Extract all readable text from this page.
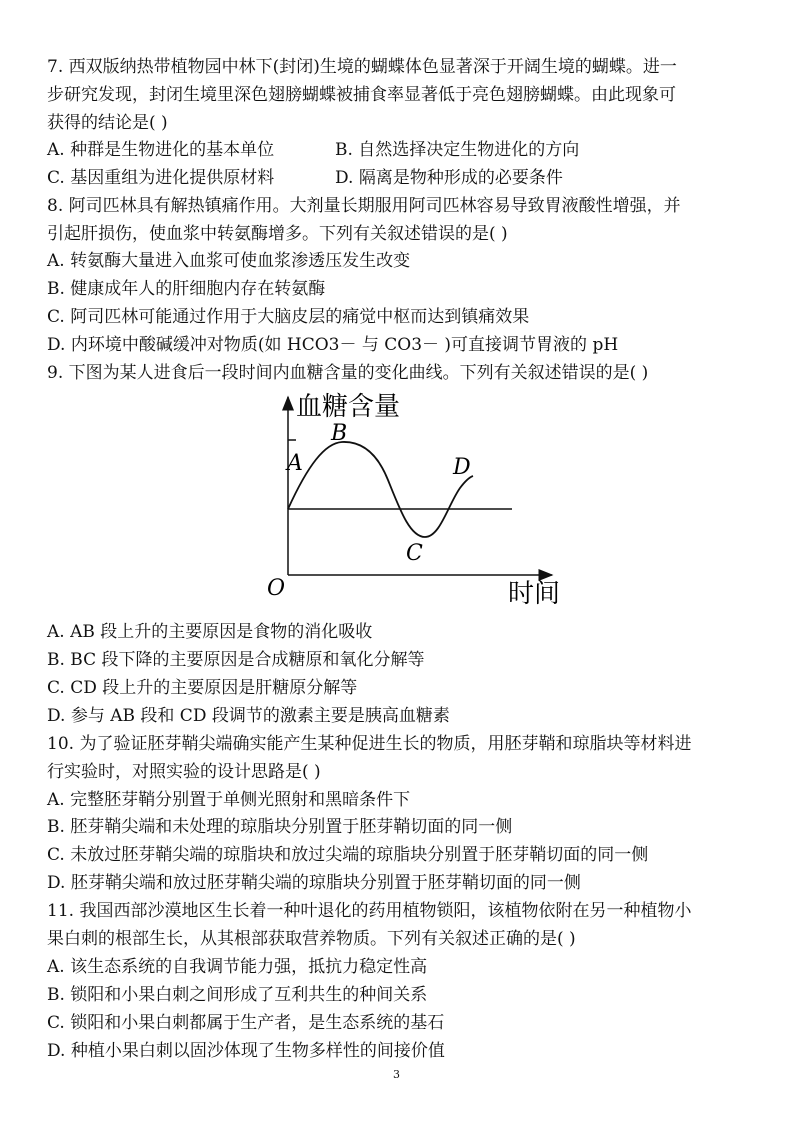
7. 西双版纳热带植物园中林下(封闭)生境的蝴蝶体色显著深于开阔生境的蝴蝶。进一
步研究发现，封闭生境里深色翅膀蝴蝶被捕食率显著低于亮色翅膀蝴蝶。由此现象可
获得的结论是( )
A. 种群是生物进化的基本单位	B. 自然选择决定生物进化的方向
C. 基因重组为进化提供原材料	D. 隔离是物种形成的必要条件
8. 阿司匹林具有解热镇痛作用。大剂量长期服用阿司匹林容易导致胃液酸性增强，并
引起肝损伤，使血浆中转氨酶增多。下列有关叙述错误的是( )
A. 转氨酶大量进入血浆可使血浆渗透压发生改变
B. 健康成年人的肝细胞内存在转氨酶
C. 阿司匹林可能通过作用于大脑皮层的痛觉中枢而达到镇痛效果
D. 内环境中酸碱缓冲对物质(如 HCO3－ 与 CO3－ )可直接调节胃液的 pH
9. 下图为某人进食后一段时间内血糖含量的变化曲线。下列有关叙述错误的是( )
血糖含量
时间
O
A
B
C
D
A. AB 段上升的主要原因是食物的消化吸收
B. BC 段下降的主要原因是合成糖原和氧化分解等
C. CD 段上升的主要原因是肝糖原分解等
D. 参与 AB 段和 CD 段调节的激素主要是胰高血糖素
10. 为了验证胚芽鞘尖端确实能产生某种促进生长的物质，用胚芽鞘和琼脂块等材料进
行实验时，对照实验的设计思路是( )
A. 完整胚芽鞘分别置于单侧光照射和黑暗条件下
B. 胚芽鞘尖端和未处理的琼脂块分别置于胚芽鞘切面的同一侧
C. 未放过胚芽鞘尖端的琼脂块和放过尖端的琼脂块分别置于胚芽鞘切面的同一侧
D. 胚芽鞘尖端和放过胚芽鞘尖端的琼脂块分别置于胚芽鞘切面的同一侧
11. 我国西部沙漠地区生长着一种叶退化的药用植物锁阳，该植物依附在另一种植物小
果白刺的根部生长，从其根部获取营养物质。下列有关叙述正确的是( )
A. 该生态系统的自我调节能力强，抵抗力稳定性高
B. 锁阳和小果白刺之间形成了互利共生的种间关系
C. 锁阳和小果白刺都属于生产者，是生态系统的基石
D. 种植小果白刺以固沙体现了生物多样性的间接价值
3
